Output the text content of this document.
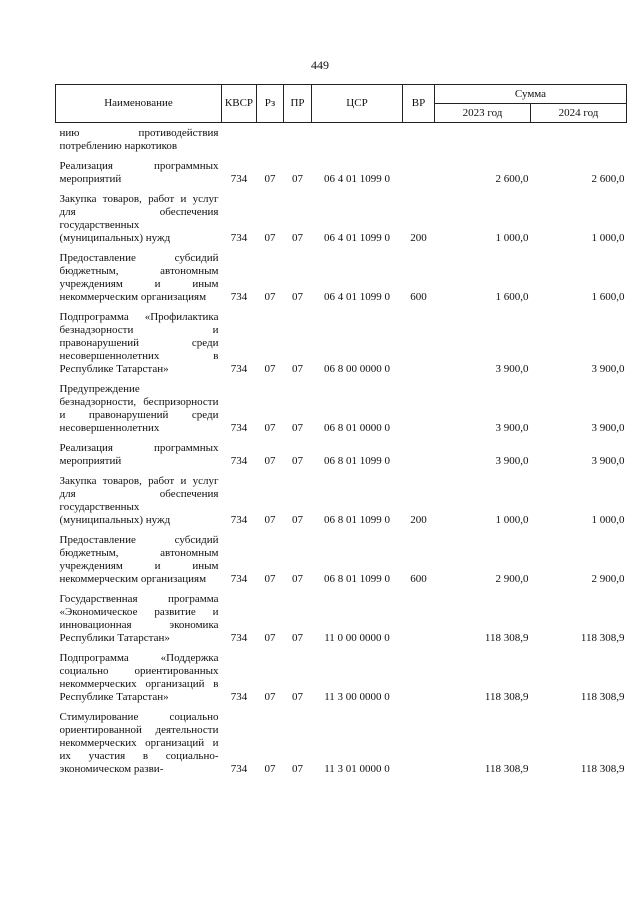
449
Наименование	КВСР	Рз	ПР	ЦСР	ВР	Сумма	
						2023 год	2024 год
нию противодействия потреблению наркотиков							
Реализация программных мероприятий	734	07	07	06 4 01 1099 0		2 600,0	2 600,0
Закупка товаров, работ и услуг для обеспечения государственных (муниципальных) нужд	734	07	07	06 4 01 1099 0	200	1 000,0	1 000,0
Предоставление субсидий бюджетным, автономным учреждениям и иным некоммерческим организациям	734	07	07	06 4 01 1099 0	600	1 600,0	1 600,0
Подпрограмма «Профилактика безнадзорности и правонарушений среди несовершеннолетних в Республике Татарстан»	734	07	07	06 8 00 0000 0		3 900,0	3 900,0
Предупреждение безнадзорности, беспризорности и правонарушений среди несовершеннолетних	734	07	07	06 8 01 0000 0		3 900,0	3 900,0
Реализация программных мероприятий	734	07	07	06 8 01 1099 0		3 900,0	3 900,0
Закупка товаров, работ и услуг для обеспечения государственных (муниципальных) нужд	734	07	07	06 8 01 1099 0	200	1 000,0	1 000,0
Предоставление субсидий бюджетным, автономным учреждениям и иным некоммерческим организациям	734	07	07	06 8 01 1099 0	600	2 900,0	2 900,0
Государственная программа «Экономическое развитие и инновационная экономика Республики Татарстан»	734	07	07	11 0 00 0000 0		118 308,9	118 308,9
Подпрограмма «Поддержка социально ориентированных некоммерческих организаций в Республике Татарстан»	734	07	07	11 3 00 0000 0		118 308,9	118 308,9
Стимулирование социально ориентированной деятельности некоммерческих организаций и их участия в социально-экономическом разви-	734	07	07	11 3 01 0000 0		118 308,9	118 308,9
